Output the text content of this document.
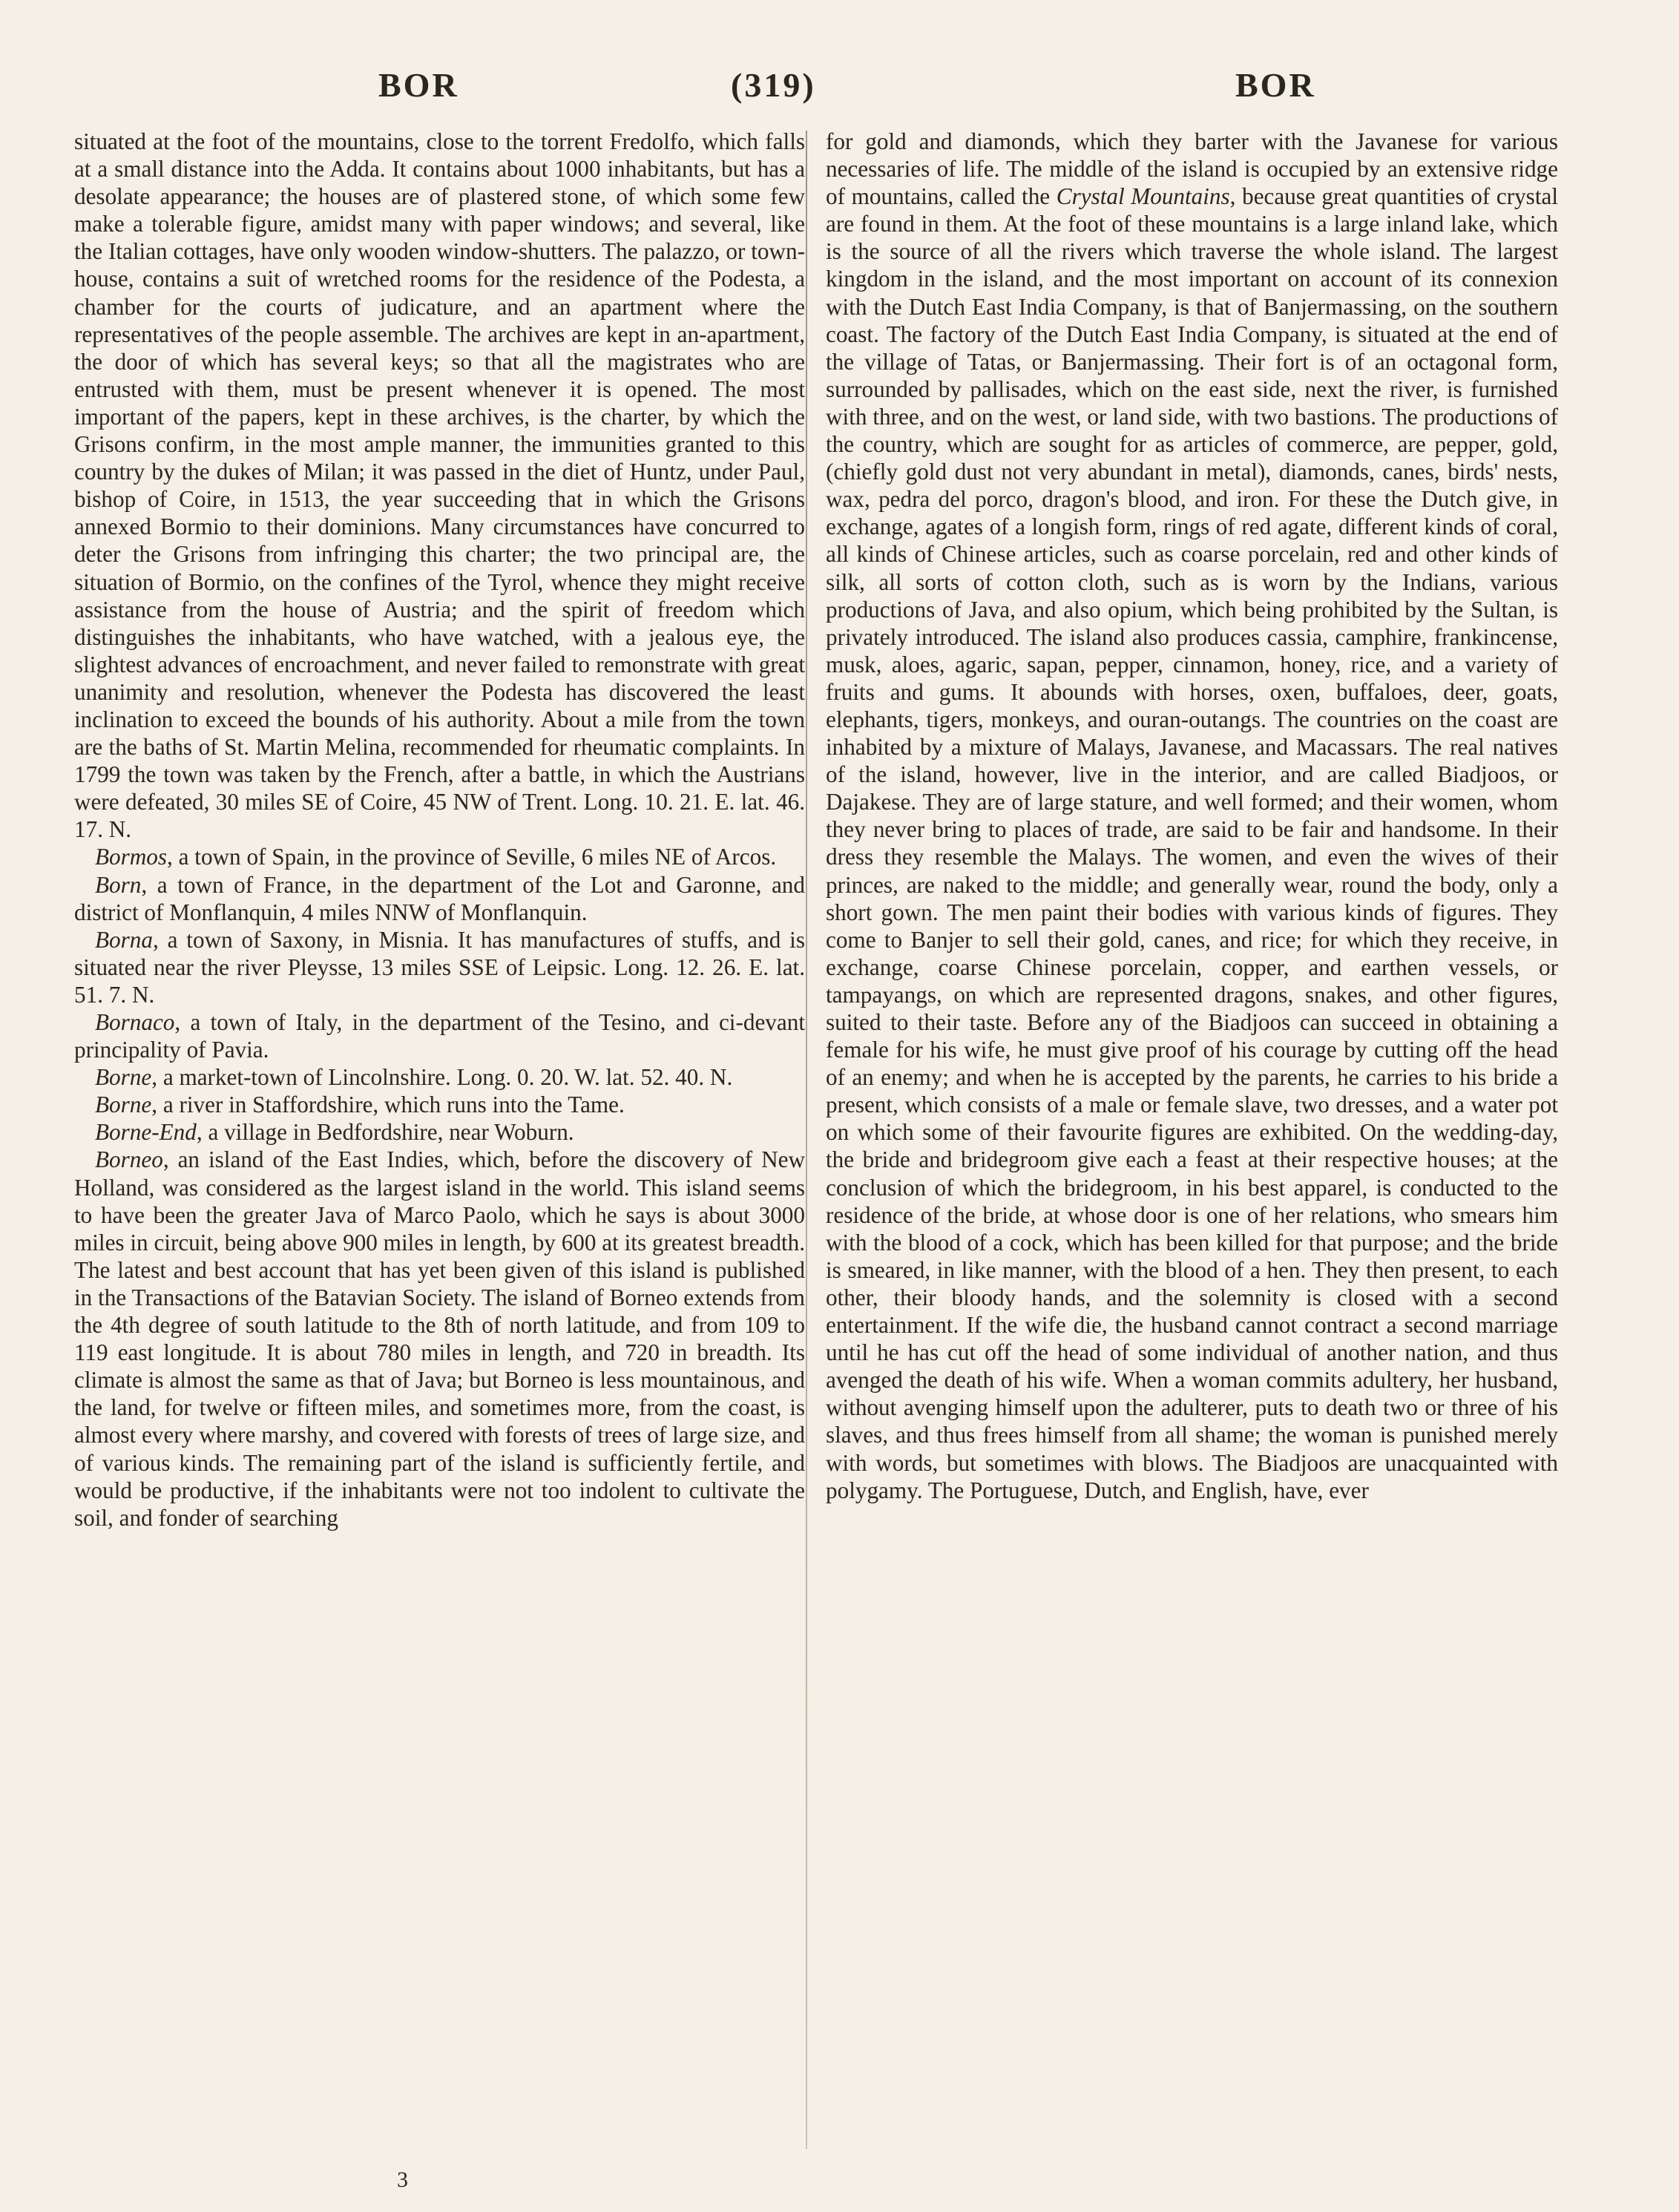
BOR	(319)	BOR

situated at the foot of the mountains, close to the torrent Fredolfo, which falls at a small distance into the Adda. It contains about 1000 inhabitants, but has a desolate appearance; the houses are of plastered stone, of which some few make a tolerable figure, amidst many with paper windows; and several, like the Italian cottages, have only wooden window-shutters. The palazzo, or town-house, contains a suit of wretched rooms for the residence of the Podesta, a chamber for the courts of judicature, and an apartment where the representatives of the people assemble. The archives are kept in an-apartment, the door of which has several keys; so that all the magistrates who are entrusted with them, must be present whenever it is opened. The most important of the papers, kept in these archives, is the charter, by which the Grisons confirm, in the most ample manner, the immunities granted to this country by the dukes of Milan; it was passed in the diet of Huntz, under Paul, bishop of Coire, in 1513, the year succeeding that in which the Grisons annexed Bormio to their dominions. Many circumstances have concurred to deter the Grisons from infringing this charter; the two principal are, the situation of Bormio, on the confines of the Tyrol, whence they might receive assistance from the house of Austria; and the spirit of freedom which distinguishes the inhabitants, who have watched, with a jealous eye, the slightest advances of encroachment, and never failed to remonstrate with great unanimity and resolution, whenever the Podesta has discovered the least inclination to exceed the bounds of his authority. About a mile from the town are the baths of St. Martin Melina, recommended for rheumatic complaints. In 1799 the town was taken by the French, after a battle, in which the Austrians were defeated, 30 miles SE of Coire, 45 NW of Trent. Long. 10. 21. E. lat. 46. 17. N.

Bormos, a town of Spain, in the province of Seville, 6 miles NE of Arcos.

Born, a town of France, in the department of the Lot and Garonne, and district of Monflanquin, 4 miles NNW of Monflanquin.

Borna, a town of Saxony, in Misnia. It has manufactures of stuffs, and is situated near the river Pleysse, 13 miles SSE of Leipsic. Long. 12. 26. E. lat. 51. 7. N.

Bornaco, a town of Italy, in the department of the Tesino, and ci-devant principality of Pavia.

Borne, a market-town of Lincolnshire. Long. 0. 20. W. lat. 52. 40. N.

Borne, a river in Staffordshire, which runs into the Tame.

Borne-End, a village in Bedfordshire, near Woburn.

Borneo, an island of the East Indies, which, before the discovery of New Holland, was considered as the largest island in the world. This island seems to have been the greater Java of Marco Paolo, which he says is about 3000 miles in circuit, being above 900 miles in length, by 600 at its greatest breadth. The latest and best account that has yet been given of this island is published in the Transactions of the Batavian Society. The island of Borneo extends from the 4th degree of south latitude to the 8th of north latitude, and from 109 to 119 east longitude. It is about 780 miles in length, and 720 in breadth. Its climate is almost the same as that of Java; but Borneo is less mountainous, and the land, for twelve or fifteen miles, and sometimes more, from the coast, is almost every where marshy, and covered with forests of trees of large size, and of various kinds. The remaining part of the island is sufficiently fertile, and would be productive, if the inhabitants were not too indolent to cultivate the soil, and fonder of searching

for gold and diamonds, which they barter with the Javanese for various necessaries of life. The middle of the island is occupied by an extensive ridge of mountains, called the Crystal Mountains, because great quantities of crystal are found in them. At the foot of these mountains is a large inland lake, which is the source of all the rivers which traverse the whole island. The largest kingdom in the island, and the most important on account of its connexion with the Dutch East India Company, is that of Banjermassing, on the southern coast. The factory of the Dutch East India Company, is situated at the end of the village of Tatas, or Banjermassing. Their fort is of an octagonal form, surrounded by pallisades, which on the east side, next the river, is furnished with three, and on the west, or land side, with two bastions. The productions of the country, which are sought for as articles of commerce, are pepper, gold, (chiefly gold dust not very abundant in metal), diamonds, canes, birds' nests, wax, pedra del porco, dragon's blood, and iron. For these the Dutch give, in exchange, agates of a longish form, rings of red agate, different kinds of coral, all kinds of Chinese articles, such as coarse porcelain, red and other kinds of silk, all sorts of cotton cloth, such as is worn by the Indians, various productions of Java, and also opium, which being prohibited by the Sultan, is privately introduced. The island also produces cassia, camphire, frankincense, musk, aloes, agaric, sapan, pepper, cinnamon, honey, rice, and a variety of fruits and gums. It abounds with horses, oxen, buffaloes, deer, goats, elephants, tigers, monkeys, and ouran-outangs. The countries on the coast are inhabited by a mixture of Malays, Javanese, and Macassars. The real natives of the island, however, live in the interior, and are called Biadjoos, or Dajakese. They are of large stature, and well formed; and their women, whom they never bring to places of trade, are said to be fair and handsome. In their dress they resemble the Malays. The women, and even the wives of their princes, are naked to the middle; and generally wear, round the body, only a short gown. The men paint their bodies with various kinds of figures. They come to Banjer to sell their gold, canes, and rice; for which they receive, in exchange, coarse Chinese porcelain, copper, and earthen vessels, or tampayangs, on which are represented dragons, snakes, and other figures, suited to their taste. Before any of the Biadjoos can succeed in obtaining a female for his wife, he must give proof of his courage by cutting off the head of an enemy; and when he is accepted by the parents, he carries to his bride a present, which consists of a male or female slave, two dresses, and a water pot on which some of their favourite figures are exhibited. On the wedding-day, the bride and bridegroom give each a feast at their respective houses; at the conclusion of which the bridegroom, in his best apparel, is conducted to the residence of the bride, at whose door is one of her relations, who smears him with the blood of a cock, which has been killed for that purpose; and the bride is smeared, in like manner, with the blood of a hen. They then present, to each other, their bloody hands, and the solemnity is closed with a second entertainment. If the wife die, the husband cannot contract a second marriage until he has cut off the head of some individual of another nation, and thus avenged the death of his wife. When a woman commits adultery, her husband, without avenging himself upon the adulterer, puts to death two or three of his slaves, and thus frees himself from all shame; the woman is punished merely with words, but sometimes with blows. The Biadjoos are unacquainted with polygamy. The Portuguese, Dutch, and English, have, ever

3
